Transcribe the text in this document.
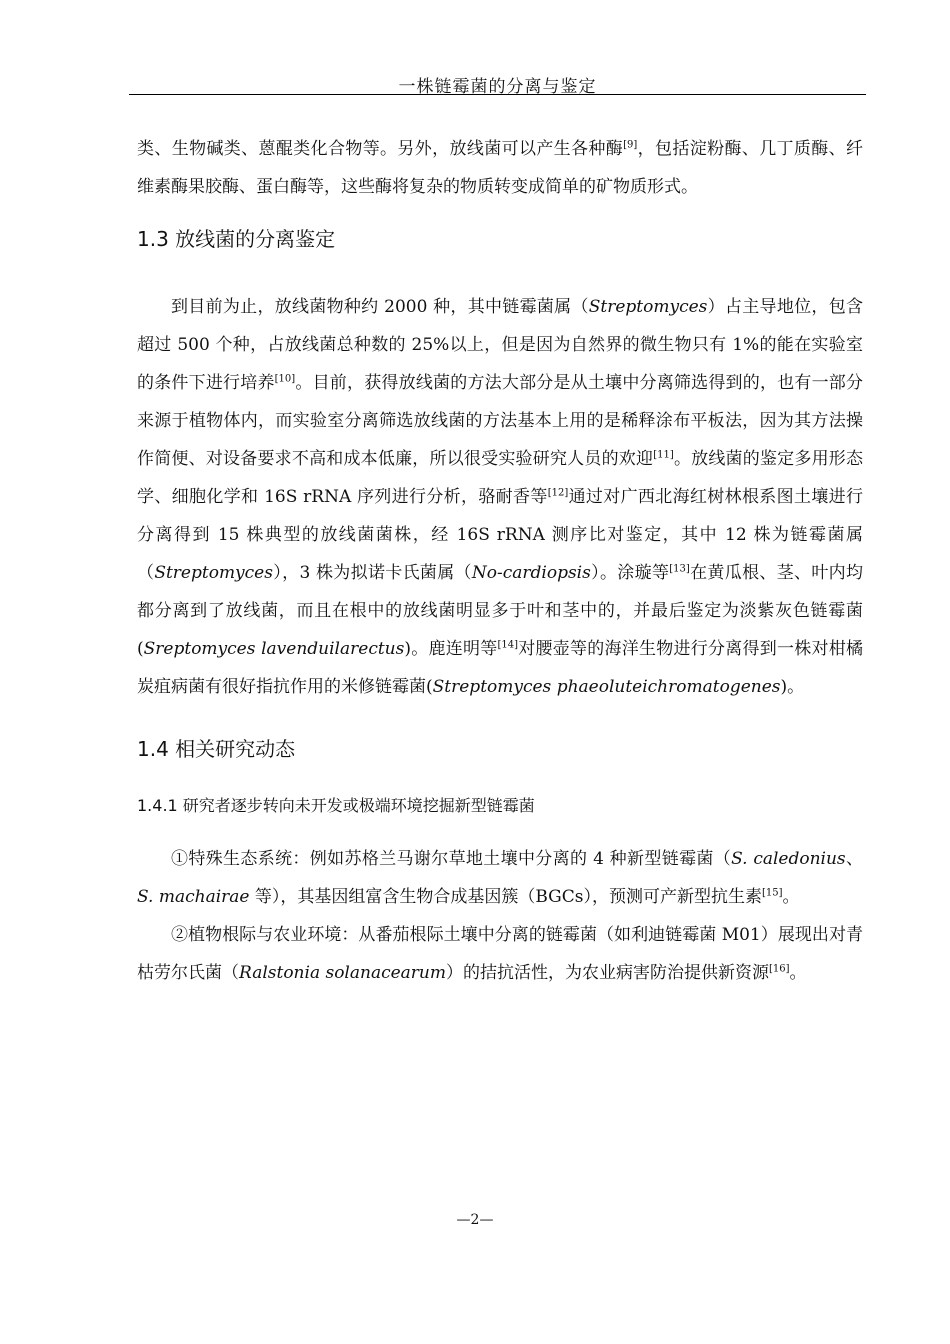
一株链霉菌的分离与鉴定

类、生物碱类、蒽醌类化合物等。另外，放线菌可以产生各种酶[9]，包括淀粉酶、几丁质酶、纤维素酶果胶酶、蛋白酶等，这些酶将复杂的物质转变成简单的矿物质形式。

1.3 放线菌的分离鉴定

到目前为止，放线菌物种约 2000 种，其中链霉菌属（Streptomyces）占主导地位，包含超过 500 个种，占放线菌总种数的 25%以上，但是因为自然界的微生物只有 1%的能在实验室的条件下进行培养[10]。目前，获得放线菌的方法大部分是从土壤中分离筛选得到的，也有一部分来源于植物体内，而实验室分离筛选放线菌的方法基本上用的是稀释涂布平板法，因为其方法操作简便、对设备要求不高和成本低廉，所以很受实验研究人员的欢迎[11]。放线菌的鉴定多用形态学、细胞化学和 16S rRNA 序列进行分析，骆耐香等[12]通过对广西北海红树林根系图土壤进行分离得到 15 株典型的放线菌菌株，经 16S rRNA 测序比对鉴定，其中 12 株为链霉菌属（Streptomyces），3 株为拟诺卡氏菌属（No-cardiopsis）。涂璇等[13]在黄瓜根、茎、叶内均都分离到了放线菌，而且在根中的放线菌明显多于叶和茎中的，并最后鉴定为淡紫灰色链霉菌(Sreptomyces lavenduilarectus)。鹿连明等[14]对腰壶等的海洋生物进行分离得到一株对柑橘炭疽病菌有很好指抗作用的米修链霉菌(Streptomyces phaeoluteichromatogenes)。

1.4 相关研究动态
1.4.1 研究者逐步转向未开发或极端环境挖掘新型链霉菌

①特殊生态系统：例如苏格兰马谢尔草地土壤中分离的 4 种新型链霉菌（S. caledonius、S. machairae 等），其基因组富含生物合成基因簇（BGCs），预测可产新型抗生素[15]。

②植物根际与农业环境：从番茄根际土壤中分离的链霉菌（如利迪链霉菌 M01）展现出对青枯劳尔氏菌（Ralstonia solanacearum）的拮抗活性，为农业病害防治提供新资源[16]。

—2—
